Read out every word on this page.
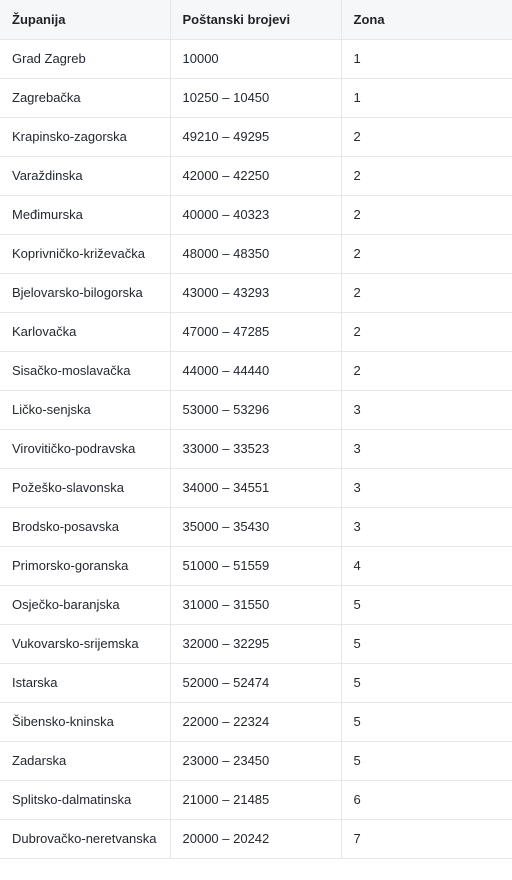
Županija	Poštanski brojevi	Zona
Grad Zagreb	10000	1
Zagrebačka	10250 – 10450	1
Krapinsko-zagorska	49210 – 49295	2
Varaždinska	42000 – 42250	2
Međimurska	40000 – 40323	2
Koprivničko-križevačka	48000 – 48350	2
Bjelovarsko-bilogorska	43000 – 43293	2
Karlovačka	47000 – 47285	2
Sisačko-moslavačka	44000 – 44440	2
Ličko-senjska	53000 – 53296	3
Virovitičko-podravska	33000 – 33523	3
Požeško-slavonska	34000 – 34551	3
Brodsko-posavska	35000 – 35430	3
Primorsko-goranska	51000 – 51559	4
Osječko-baranjska	31000 – 31550	5
Vukovarsko-srijemska	32000 – 32295	5
Istarska	52000 – 52474	5
Šibensko-kninska	22000 – 22324	5
Zadarska	23000 – 23450	5
Splitsko-dalmatinska	21000 – 21485	6
Dubrovačko-neretvanska	20000 – 20242	7
